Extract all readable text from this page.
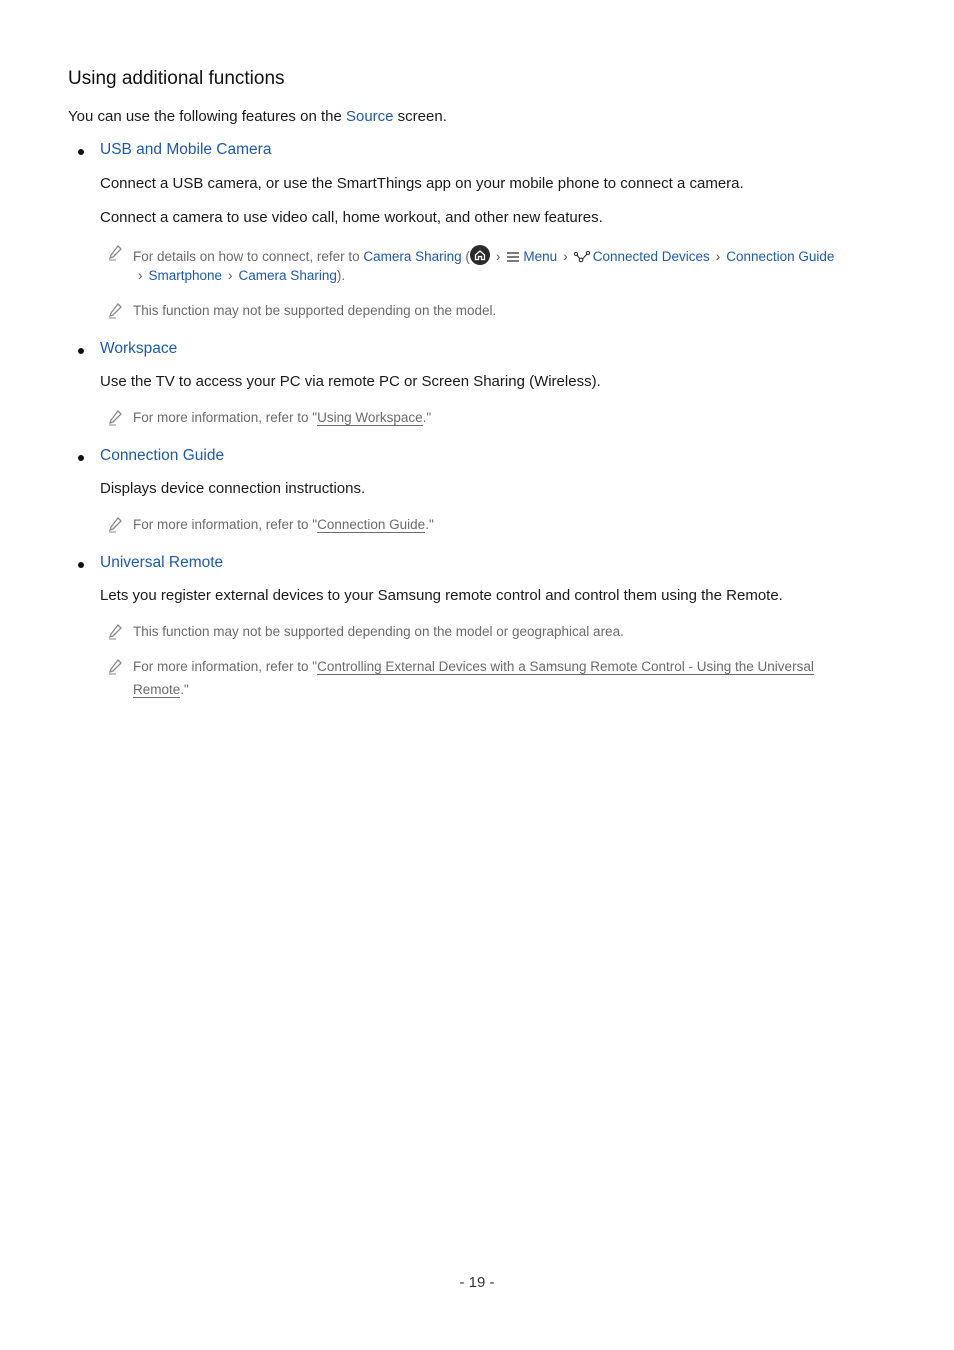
Using additional functions
You can use the following features on the Source screen.
USB and Mobile Camera
Connect a USB camera, or use the SmartThings app on your mobile phone to connect a camera.
Connect a camera to use video call, home workout, and other new features.
For details on how to connect, refer to Camera Sharing ( › Menu › Connected Devices › Connection Guide
› Smartphone › Camera Sharing).
This function may not be supported depending on the model.
Workspace
Use the TV to access your PC via remote PC or Screen Sharing (Wireless).
For more information, refer to "Using Workspace."
Connection Guide
Displays device connection instructions.
For more information, refer to "Connection Guide."
Universal Remote
Lets you register external devices to your Samsung remote control and control them using the Remote.
This function may not be supported depending on the model or geographical area.
For more information, refer to "Controlling External Devices with a Samsung Remote Control - Using the Universal
Remote."
- 19 -
